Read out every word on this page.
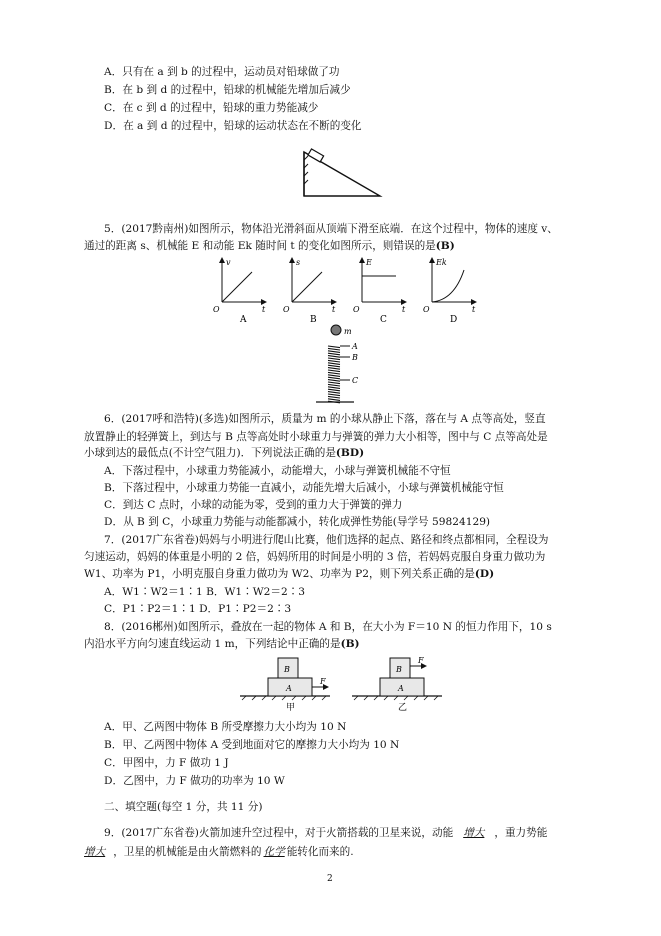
A．只有在 a 到 b 的过程中，运动员对铅球做了功
B．在 b 到 d 的过程中，铅球的机械能先增加后减少
C．在 c 到 d 的过程中，铅球的重力势能减少
D．在 a 到 d 的过程中，铅球的运动状态在不断的变化
5．(2017黔南州)如图所示，物体沿光滑斜面从顶端下滑至底端．在这个过程中，物体的速度 v、
通过的距离 s、机械能 E 和动能 Ek 随时间 t 的变化如图所示，则错误的是(B)
v
t
O
A
s
t
O
B
E
t
O
C
Ek
t
O
D
m
A
B
C
6．(2017呼和浩特)(多选)如图所示，质量为 m 的小球从静止下落，落在与 A 点等高处，竖直
放置静止的轻弹簧上，到达与 B 点等高处时小球重力与弹簧的弹力大小相等，图中与 C 点等高处是
小球到达的最低点(不计空气阻力)．下列说法正确的是(BD)
A．下落过程中，小球重力势能减小，动能增大，小球与弹簧机械能不守恒
B．下落过程中，小球重力势能一直减小，动能先增大后减小，小球与弹簧机械能守恒
C．到达 C 点时，小球的动能为零，受到的重力大于弹簧的弹力
D．从 B 到 C，小球重力势能与动能都减小，转化成弹性势能(导学号 59824129)
7．(2017广东省卷)妈妈与小明进行爬山比赛，他们选择的起点、路径和终点都相同，全程设为
匀速运动，妈妈的体重是小明的 2 倍，妈妈所用的时间是小明的 3 倍，若妈妈克服自身重力做功为
W1、功率为 P1，小明克服自身重力做功为 W2、功率为 P2，则下列关系正确的是(D)
A．W1∶W2＝1∶1 B．W1∶W2＝2∶3
C．P1∶P2＝1∶1 D．P1∶P2＝2∶3
8．(2016郴州)如图所示，叠放在一起的物体 A 和 B，在大小为 F＝10 N 的恒力作用下，10 s
内沿水平方向匀速直线运动 1 m，下列结论中正确的是(B)
B
A
F
甲
B
A
F
乙
A．甲、乙两图中物体 B 所受摩擦力大小均为 10 N
B．甲、乙两图中物体 A 受到地面对它的摩擦力大小均为 10 N
C．甲图中，力 F 做功 1 J
D．乙图中，力 F 做功的功率为 10 W
二、填空题(每空 1 分，共 11 分)
9．(2017广东省卷)火箭加速升空过程中，对于火箭搭载的卫星来说，动能 增大 ，重力势能
增大 ，卫星的机械能是由火箭燃料的 化学 能转化而来的.
2
